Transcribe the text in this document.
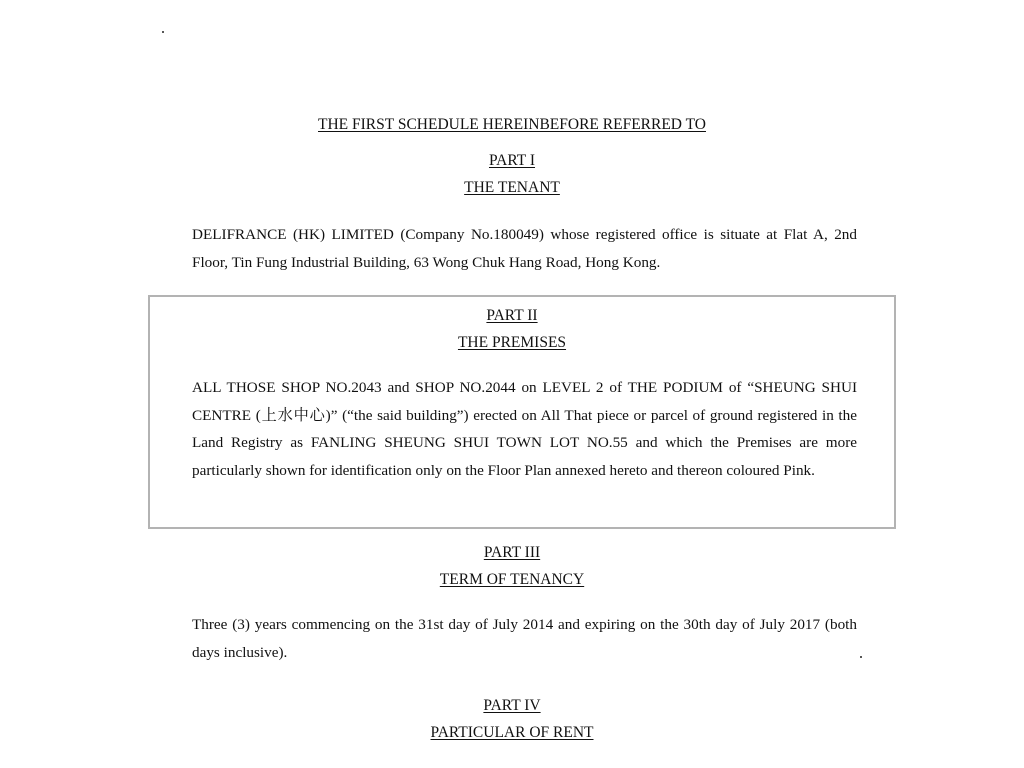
THE FIRST SCHEDULE HEREINBEFORE REFERRED TO
PART I
THE TENANT

DELIFRANCE (HK) LIMITED (Company No.180049) whose registered office is situate at Flat A, 2nd Floor, Tin Fung Industrial Building, 63 Wong Chuk Hang Road, Hong Kong.

PART II
THE PREMISES

ALL THOSE SHOP NO.2043 and SHOP NO.2044 on LEVEL 2 of THE PODIUM of “SHEUNG SHUI CENTRE (上水中心)” (“the said building”) erected on All That piece or parcel of ground registered in the Land Registry as FANLING SHEUNG SHUI TOWN LOT NO.55 and which the Premises are more particularly shown for identification only on the Floor Plan annexed hereto and thereon coloured Pink.

PART III
TERM OF TENANCY

Three (3) years commencing on the 31st day of July 2014 and expiring on the 30th day of July 2017 (both days inclusive).

PART IV
PARTICULAR OF RENT
